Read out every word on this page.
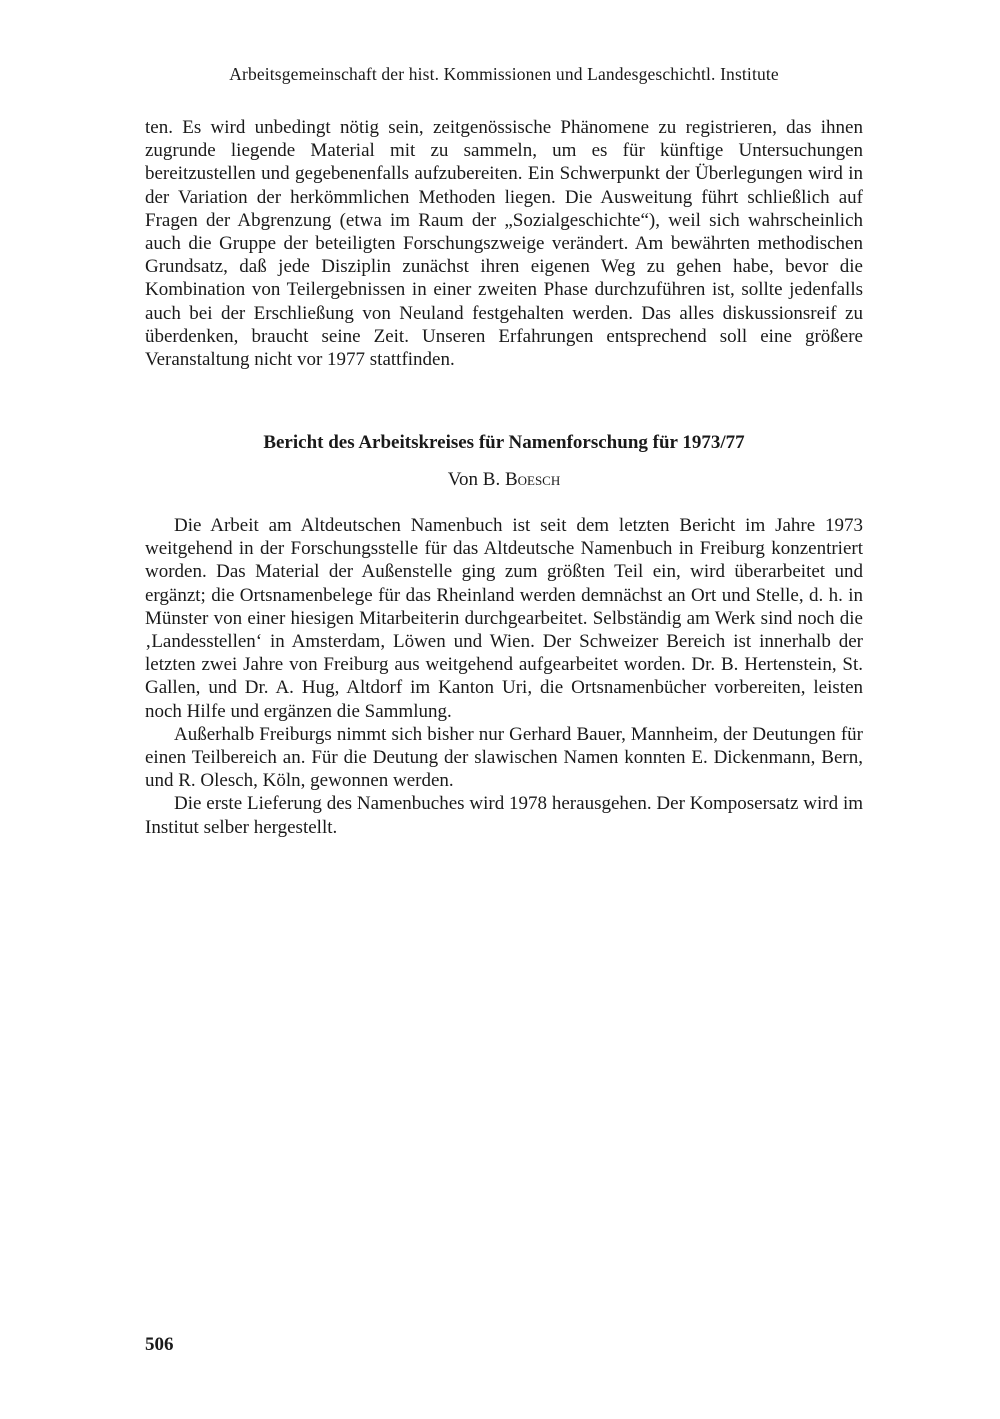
Arbeitsgemeinschaft der hist. Kommissionen und Landesgeschichtl. Institute

ten. Es wird unbedingt nötig sein, zeitgenössische Phänomene zu registrieren, das ihnen zugrunde liegende Material mit zu sammeln, um es für künftige Untersuchungen bereitzustellen und gegebenenfalls aufzubereiten. Ein Schwerpunkt der Überlegungen wird in der Variation der herkömmlichen Methoden liegen. Die Ausweitung führt schließlich auf Fragen der Abgrenzung (etwa im Raum der „Sozialgeschichte“), weil sich wahrscheinlich auch die Gruppe der beteiligten Forschungszweige verändert. Am bewährten methodischen Grundsatz, daß jede Disziplin zunächst ihren eigenen Weg zu gehen habe, bevor die Kombination von Teilergebnissen in einer zweiten Phase durchzuführen ist, sollte jedenfalls auch bei der Erschließung von Neuland festgehalten werden. Das alles diskussionsreif zu überdenken, braucht seine Zeit. Unseren Erfahrungen entsprechend soll eine größere Veranstaltung nicht vor 1977 stattfinden.

Bericht des Arbeitskreises für Namenforschung für 1973/77
Von B. Boesch

Die Arbeit am Altdeutschen Namenbuch ist seit dem letzten Bericht im Jahre 1973 weitgehend in der Forschungsstelle für das Altdeutsche Namenbuch in Freiburg konzentriert worden. Das Material der Außenstelle ging zum größten Teil ein, wird überarbeitet und ergänzt; die Ortsnamenbelege für das Rheinland werden demnächst an Ort und Stelle, d. h. in Münster von einer hiesigen Mitarbeiterin durchgearbeitet. Selbständig am Werk sind noch die ‚Landesstellen‘ in Amsterdam, Löwen und Wien. Der Schweizer Bereich ist innerhalb der letzten zwei Jahre von Freiburg aus weitgehend aufgearbeitet worden. Dr. B. Hertenstein, St. Gallen, und Dr. A. Hug, Altdorf im Kanton Uri, die Ortsnamenbücher vorbereiten, leisten noch Hilfe und ergänzen die Sammlung.

Außerhalb Freiburgs nimmt sich bisher nur Gerhard Bauer, Mannheim, der Deutungen für einen Teilbereich an. Für die Deutung der slawischen Namen konnten E. Dickenmann, Bern, und R. Olesch, Köln, gewonnen werden.

Die erste Lieferung des Namenbuches wird 1978 herausgehen. Der Komposersatz wird im Institut selber hergestellt.

506
